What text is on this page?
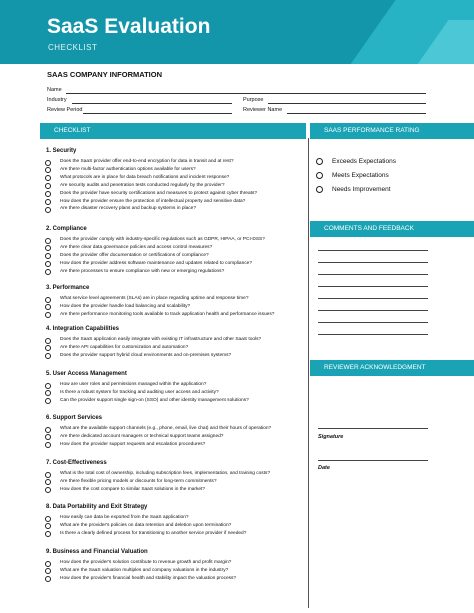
SaaS Evaluation
CHECKLIST
SAAS COMPANY INFORMATION
Name
Industry	Purpose
Review Period	Reviewer Name
CHECKLIST	SAAS PERFORMANCE RATING
COMMENTS AND FEEDBACK
REVIEWER ACKNOWLEDGMENT
1. Security
Does the SaaS provider offer end-to-end encryption for data in transit and at rest?
Are there multi-factor authentication options available for users?
What protocols are in place for data breach notifications and incident response?
Are security audits and penetration tests conducted regularly by the provider?
Does the provider have security certifications and measures to protect against cyber threats?
How does the provider ensure the protection of intellectual property and sensitive data?
Are there disaster recovery plans and backup systems in place?
2. Compliance
Does the provider comply with industry-specific regulations such as GDPR, HIPAA, or PCI-DSS?
Are there clear data governance policies and access control measures?
Does the provider offer documentation or certifications of compliance?
How does the provider address software maintenance and updates related to compliance?
Are there processes to ensure compliance with new or emerging regulations?
3. Performance
What service level agreements (SLAs) are in place regarding uptime and response time?
How does the provider handle load balancing and scalability?
Are there performance monitoring tools available to track application health and performance issues?
4. Integration Capabilities
Does the SaaS application easily integrate with existing IT infrastructure and other SaaS tools?
Are there API capabilities for customization and automation?
Does the provider support hybrid cloud environments and on-premises systems?
5. User Access Management
How are user roles and permissions managed within the application?
Is there a robust system for tracking and auditing user access and activity?
Can the provider support single sign-on (SSO) and other identity management solutions?
6. Support Services
What are the available support channels (e.g., phone, email, live chat) and their hours of operation?
Are there dedicated account managers or technical support teams assigned?
How does the provider support requests and escalation procedures?
7. Cost-Effectiveness
What is the total cost of ownership, including subscription fees, implementation, and training costs?
Are there flexible pricing models or discounts for long-term commitments?
How does the cost compare to similar SaaS solutions in the market?
8. Data Portability and Exit Strategy
How easily can data be exported from the SaaS application?
What are the provider's policies on data retention and deletion upon termination?
Is there a clearly defined process for transitioning to another service provider if needed?
9. Business and Financial Valuation
How does the provider's solution contribute to revenue growth and profit margin?
What are the SaaS valuation multiples and company valuations in the industry?
How does the provider's financial health and stability impact the valuation process?
Exceeds Expectations
Meets Expectations
Needs Improvement
Signature
Date
